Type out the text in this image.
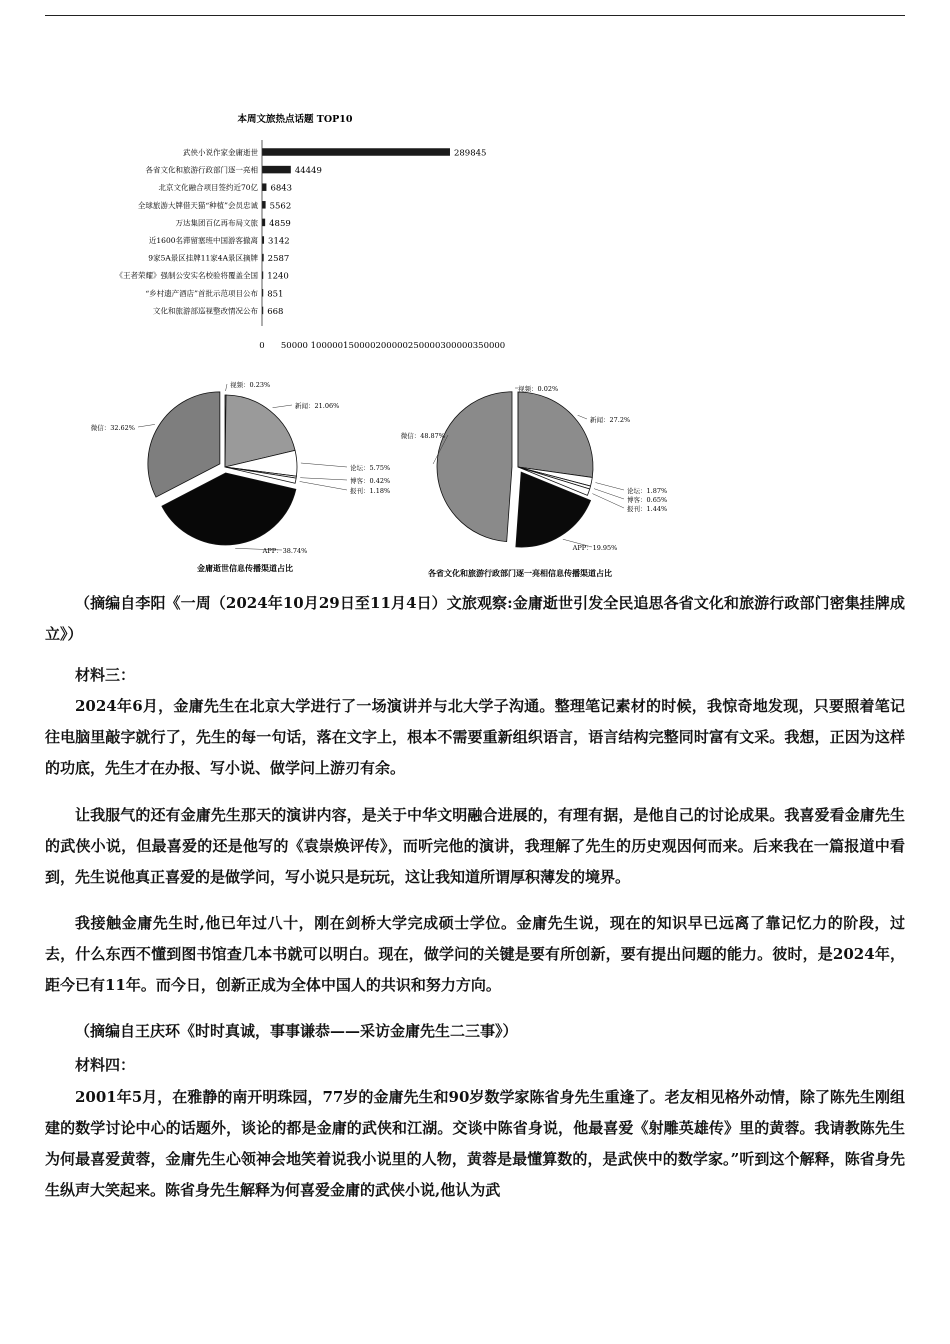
本周文旅热点话题 TOP10
武侠小说作家金庸逝世	289845
各省文化和旅游行政部门逐一亮相	44449
北京文化融合项目签约近70亿 6843
全球旅游大牌借天猫“种植”会员忠诚 5562
万达集团百亿再布局文旅 4859
近1600名滞留塞班中国游客撤离 3142
9家5A景区挂牌11家4A景区摘牌 2587
《王者荣耀》强制公安实名校验将覆盖全国 1240
“乡村遗产酒店”首批示范项目公布 851
文化和旅游部巡视整改情况公布 668
0 50000 100000 150000 200000 250000 300000 350000
视频：0.23%
新闻：21.06%
论坛：5.75%
博客：0.42%
报刊：1.18%
APP：38.74%
微信：32.62%
金庸逝世信息传播渠道占比
视频：0.02%
新闻：27.2%
论坛：1.87%
博客：0.65%
报刊：1.44%
APP：19.95%
微信：48.87%
各省文化和旅游行政部门逐一亮相信息传播渠道占比
（摘编自李阳《一周（2024年10月29日至11月4日）文旅观察:金庸逝世引发全民追思各省文化和旅游行政部门密集挂牌成立》）
材料三：
2024年6月，金庸先生在北京大学进行了一场演讲并与北大学子沟通。整理笔记素材的时候，我惊奇地发现，只要照着笔记往电脑里敲字就行了，先生的每一句话，落在文字上，根本不需要重新组织语言，语言结构完整同时富有文采。我想，正因为这样的功底，先生才在办报、写小说、做学问上游刃有余。
让我服气的还有金庸先生那天的演讲内容，是关于中华文明融合进展的，有理有据，是他自己的讨论成果。我喜爱看金庸先生的武侠小说，但最喜爱的还是他写的《袁崇焕评传》，而听完他的演讲，我理解了先生的历史观因何而来。后来我在一篇报道中看到，先生说他真正喜爱的是做学问，写小说只是玩玩，这让我知道所谓厚积薄发的境界。
我接触金庸先生时,他已年过八十，刚在剑桥大学完成硕士学位。金庸先生说，现在的知识早已远离了靠记忆力的阶段，过去，什么东西不懂到图书馆查几本书就可以明白。现在，做学问的关键是要有所创新，要有提出问题的能力。彼时，是2024年，距今已有11年。而今日，创新正成为全体中国人的共识和努力方向。
（摘编自王庆环《时时真诚，事事谦恭——采访金庸先生二三事》）
材料四：
2001年5月，在雅静的南开明珠园，77岁的金庸先生和90岁数学家陈省身先生重逢了。老友相见格外动情，除了陈先生刚组建的数学讨论中心的话题外，谈论的都是金庸的武侠和江湖。交谈中陈省身说，他最喜爱《射雕英雄传》里的黄蓉。我请教陈先生为何最喜爱黄蓉，金庸先生心领神会地笑着说我小说里的人物，黄蓉是最懂算数的，是武侠中的数学家。”听到这个解释，陈省身先生纵声大笑起来。陈省身先生解释为何喜爱金庸的武侠小说,他认为武
